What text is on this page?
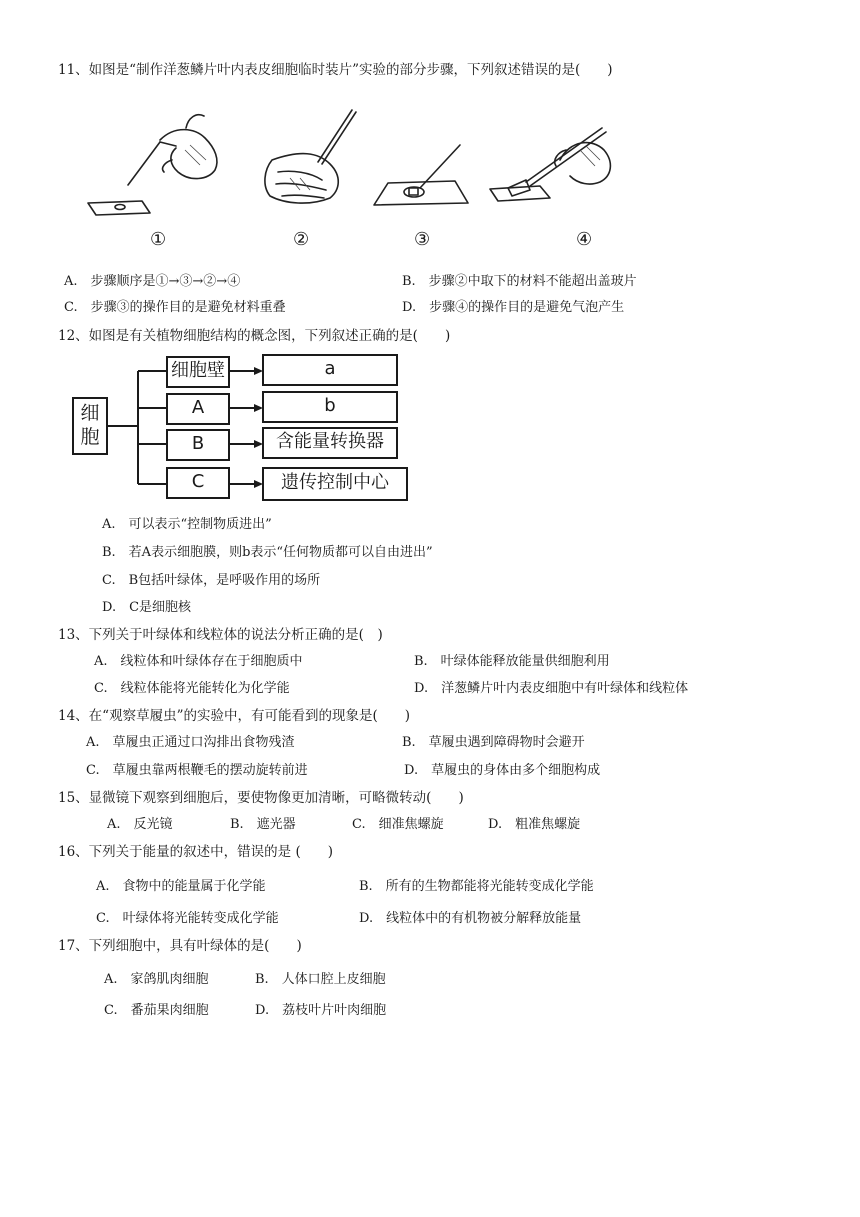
11、如图是“制作洋葱鳞片叶内表皮细胞临时装片”实验的部分步骤，下列叙述错误的是(　　)
①	②	③	④
A.　步骤顺序是①→③→②→④	B.　步骤②中取下的材料不能超出盖玻片
C.　步骤③的操作目的是避免材料重叠	D.　步骤④的操作目的是避免气泡产生
12、如图是有关植物细胞结构的概念图，下列叙述正确的是(　　)
细胞
细胞壁
A
B
C
a
b
含能量转换器
遗传控制中心
A.　可以表示“控制物质进出”
B.　若A表示细胞膜，则b表示“任何物质都可以自由进出”
C.　B包括叶绿体，是呼吸作用的场所
D.　C是细胞核
13、下列关于叶绿体和线粒体的说法分析正确的是(　)
A.　线粒体和叶绿体存在于细胞质中	B.　叶绿体能释放能量供细胞利用
C.　线粒体能将光能转化为化学能	D.　洋葱鳞片叶内表皮细胞中有叶绿体和线粒体
14、在“观察草履虫”的实验中，有可能看到的现象是(　　)
A.　草履虫正通过口沟排出食物残渣	B.　草履虫遇到障碍物时会避开
C.　草履虫靠两根鞭毛的摆动旋转前进	D.　草履虫的身体由多个细胞构成
15、显微镜下观察到细胞后，要使物像更加清晰，可略微转动(　　)
A.　反光镜	B.　遮光器	C.　细准焦螺旋	D.　粗准焦螺旋
16、下列关于能量的叙述中，错误的是 (　　)
A.　食物中的能量属于化学能	B.　所有的生物都能将光能转变成化学能
C.　叶绿体将光能转变成化学能	D.　线粒体中的有机物被分解释放能量
17、下列细胞中，具有叶绿体的是(　　)
A.　家鸽肌肉细胞	B.　人体口腔上皮细胞
C.　番茄果肉细胞	D.　荔枝叶片叶肉细胞
